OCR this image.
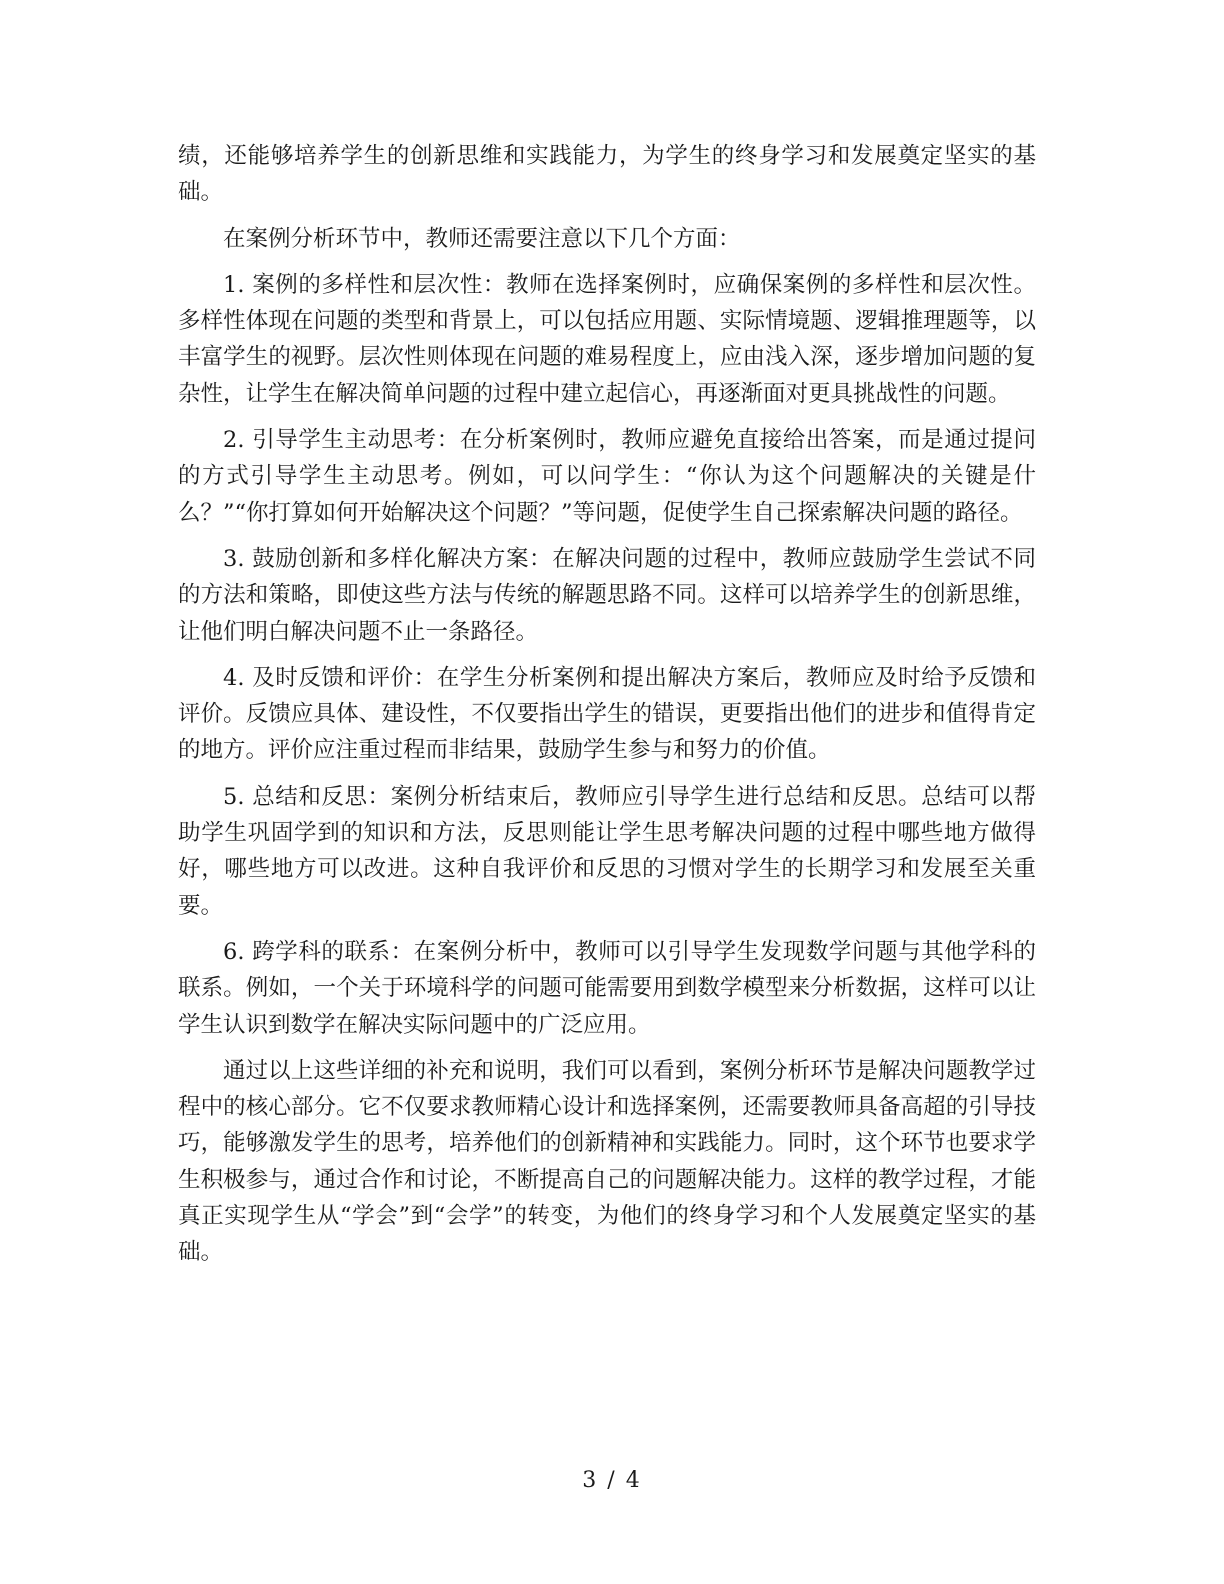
绩，还能够培养学生的创新思维和实践能力，为学生的终身学习和发展奠定坚实的基础。

在案例分析环节中，教师还需要注意以下几个方面：

1. 案例的多样性和层次性：教师在选择案例时，应确保案例的多样性和层次性。多样性体现在问题的类型和背景上，可以包括应用题、实际情境题、逻辑推理题等，以丰富学生的视野。层次性则体现在问题的难易程度上，应由浅入深，逐步增加问题的复杂性，让学生在解决简单问题的过程中建立起信心，再逐渐面对更具挑战性的问题。

2. 引导学生主动思考：在分析案例时，教师应避免直接给出答案，而是通过提问的方式引导学生主动思考。例如，可以问学生：“你认为这个问题解决的关键是什么？”“你打算如何开始解决这个问题？”等问题，促使学生自己探索解决问题的路径。

3. 鼓励创新和多样化解决方案：在解决问题的过程中，教师应鼓励学生尝试不同的方法和策略，即使这些方法与传统的解题思路不同。这样可以培养学生的创新思维，让他们明白解决问题不止一条路径。

4. 及时反馈和评价：在学生分析案例和提出解决方案后，教师应及时给予反馈和评价。反馈应具体、建设性，不仅要指出学生的错误，更要指出他们的进步和值得肯定的地方。评价应注重过程而非结果，鼓励学生参与和努力的价值。

5. 总结和反思：案例分析结束后，教师应引导学生进行总结和反思。总结可以帮助学生巩固学到的知识和方法，反思则能让学生思考解决问题的过程中哪些地方做得好，哪些地方可以改进。这种自我评价和反思的习惯对学生的长期学习和发展至关重要。

6. 跨学科的联系：在案例分析中，教师可以引导学生发现数学问题与其他学科的联系。例如，一个关于环境科学的问题可能需要用到数学模型来分析数据，这样可以让学生认识到数学在解决实际问题中的广泛应用。

通过以上这些详细的补充和说明，我们可以看到，案例分析环节是解决问题教学过程中的核心部分。它不仅要求教师精心设计和选择案例，还需要教师具备高超的引导技巧，能够激发学生的思考，培养他们的创新精神和实践能力。同时，这个环节也要求学生积极参与，通过合作和讨论，不断提高自己的问题解决能力。这样的教学过程，才能真正实现学生从“学会”到“会学”的转变，为他们的终身学习和个人发展奠定坚实的基础。

3 / 4
